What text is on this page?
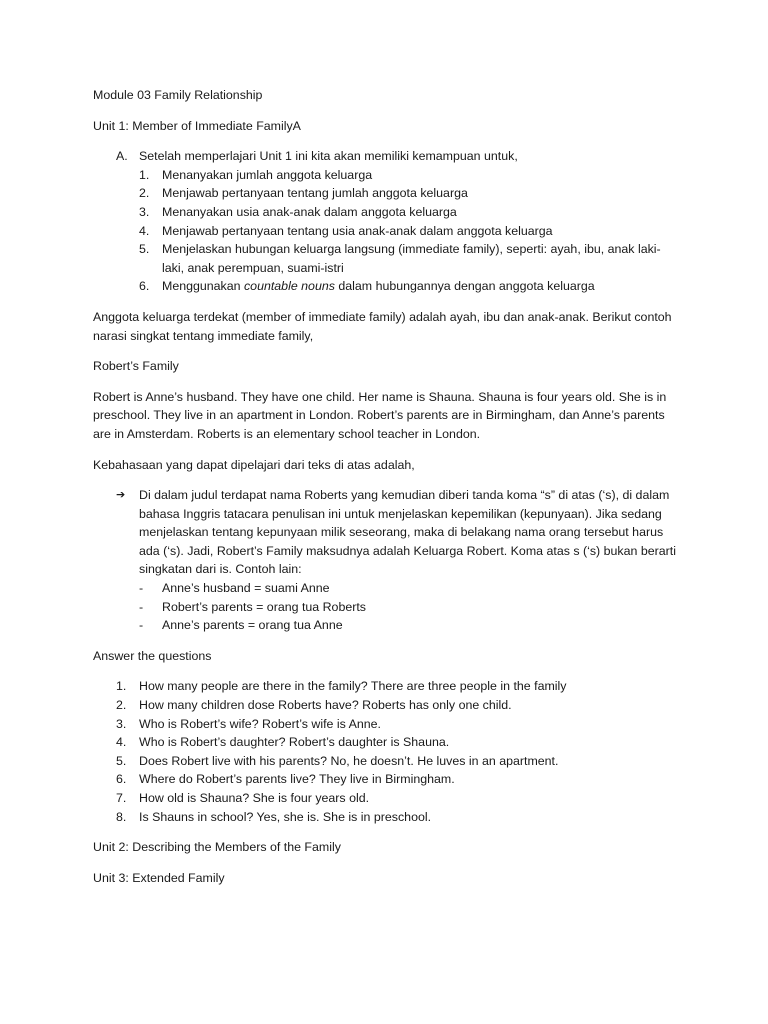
Module 03 Family Relationship

Unit 1: Member of Immediate FamilyA

A. Setelah memperlajari Unit 1 ini kita akan memiliki kemampuan untuk,
1.	Menanyakan jumlah anggota keluarga
2.	Menjawab pertanyaan tentang jumlah anggota keluarga
3.	Menanyakan usia anak-anak dalam anggota keluarga
4.	Menjawab pertanyaan tentang usia anak-anak dalam anggota keluarga
5.	Menjelaskan hubungan keluarga langsung (immediate family), seperti: ayah, ibu, anak laki-laki, anak perempuan, suami-istri
6.	Menggunakan countable nouns dalam hubungannya dengan anggota keluarga

Anggota keluarga terdekat (member of immediate family) adalah ayah, ibu dan anak-anak. Berikut contoh narasi singkat tentang immediate family,

Robert’s Family

Robert is Anne’s husband. They have one child. Her name is Shauna. Shauna is four years old. She is in preschool. They live in an apartment in London. Robert’s parents are in Birmingham, dan Anne’s parents are in Amsterdam. Roberts is an elementary school teacher in London.

Kebahasaan yang dapat dipelajari dari teks di atas adalah,

➔	Di dalam judul terdapat nama Roberts yang kemudian diberi tanda koma “s” di atas (‘s), di dalam bahasa Inggris tatacara penulisan ini untuk menjelaskan kepemilikan (kepunyaan). Jika sedang menjelaskan tentang kepunyaan milik seseorang, maka di belakang nama orang tersebut harus ada (‘s). Jadi, Robert’s Family maksudnya adalah Keluarga Robert. Koma atas s (‘s) bukan berarti singkatan dari is. Contoh lain:
-	Anne’s husband = suami Anne
-	Robert’s parents = orang tua Roberts
-	Anne’s parents = orang tua Anne

Answer the questions

1.	How many people are there in the family? There are three people in the family
2.	How many children dose Roberts have? Roberts has only one child.
3.	Who is Robert’s wife? Robert’s wife is Anne.
4.	Who is Robert’s daughter? Robert’s daughter is Shauna.
5.	Does Robert live with his parents? No, he doesn’t. He luves in an apartment.
6.	Where do Robert’s parents live? They live in Birmingham.
7.	How old is Shauna? She is four years old.
8.	Is Shauns in school? Yes, she is. She is in preschool.

Unit 2: Describing the Members of the Family

Unit 3: Extended Family
